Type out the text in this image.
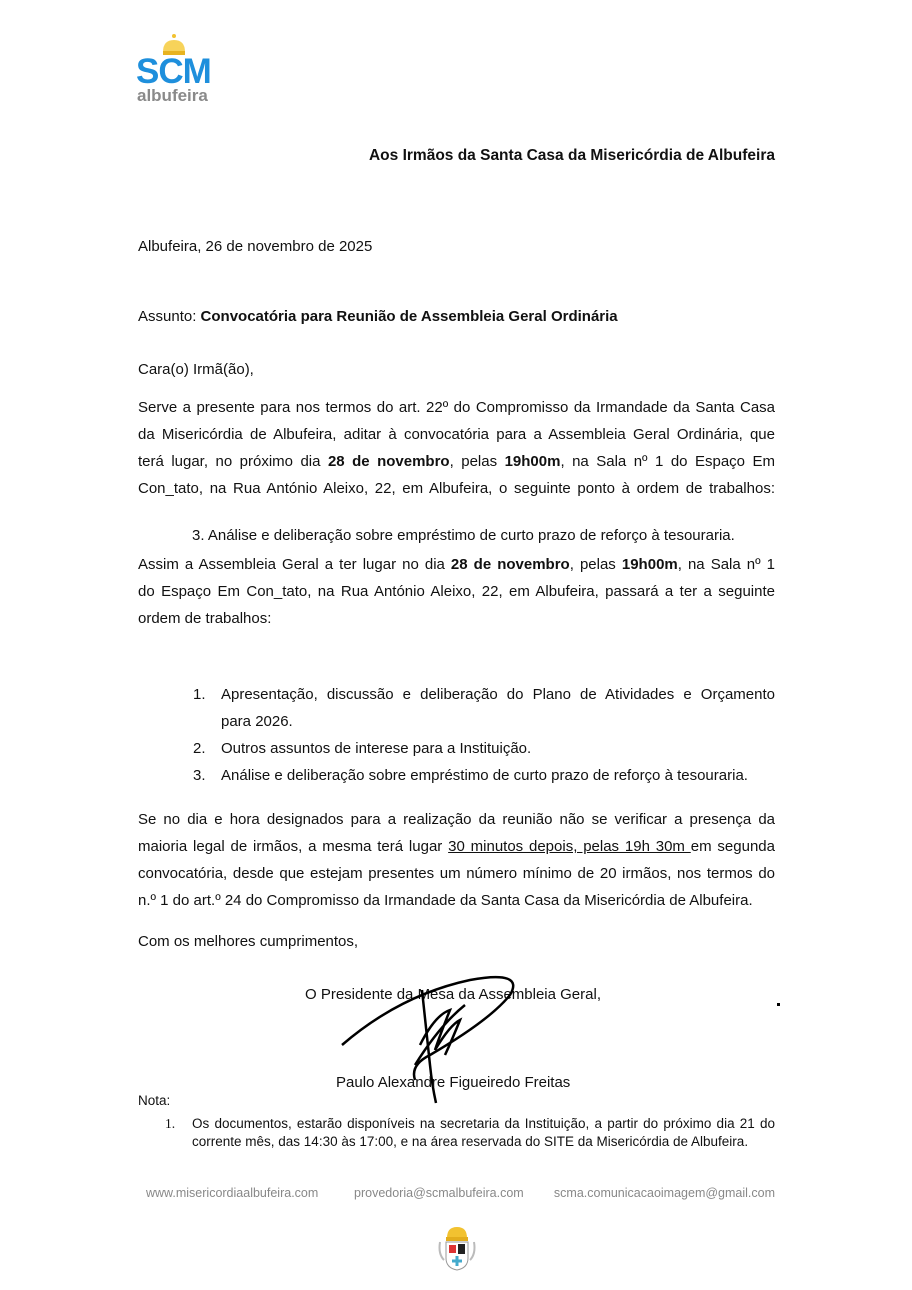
SCM
albufeira
Aos Irmãos da Santa Casa da Misericórdia de Albufeira
Albufeira, 26 de novembro de 2025
Assunto: Convocatória para Reunião de Assembleia Geral Ordinária
Cara(o) Irmã(ão),
Serve a presente para nos termos do art. 22º do Compromisso da Irmandade da Santa Casa
da Misericórdia de Albufeira, aditar à convocatória para a Assembleia Geral Ordinária, que
terá lugar, no próximo dia 28 de novembro, pelas 19h00m, na Sala nº 1 do Espaço Em
Con_tato, na Rua António Aleixo, 22, em Albufeira, o seguinte ponto à ordem de trabalhos:
3. Análise e deliberação sobre empréstimo de curto prazo de reforço à tesouraria.
Assim a Assembleia Geral a ter lugar no dia 28 de novembro, pelas 19h00m, na Sala nº 1
do Espaço Em Con_tato, na Rua António Aleixo, 22, em Albufeira, passará a ter a seguinte
ordem de trabalhos:
1. Apresentação, discussão e deliberação do Plano de Atividades e Orçamento
para 2026.
2. Outros assuntos de interese para a Instituição.
3. Análise e deliberação sobre empréstimo de curto prazo de reforço à tesouraria.
Se no dia e hora designados para a realização da reunião não se verificar a presença da
maioria legal de irmãos, a mesma terá lugar 30 minutos depois, pelas 19h 30m em segunda
convocatória, desde que estejam presentes um número mínimo de 20 irmãos, nos termos do
n.º 1 do art.º 24 do Compromisso da Irmandade da Santa Casa da Misericórdia de Albufeira.
Com os melhores cumprimentos,
O Presidente da Mesa da Assembleia Geral,
Paulo Alexandre Figueiredo Freitas
Nota:
1. Os documentos, estarão disponíveis na secretaria da Instituição, a partir do próximo dia 21 do
corrente mês, das 14:30 às 17:00, e na área reservada do SITE da Misericórdia de Albufeira.
www.misericordiaalbufeira.com	provedoria@scmalbufeira.com scma.comunicacaoimagem@gmail.com
